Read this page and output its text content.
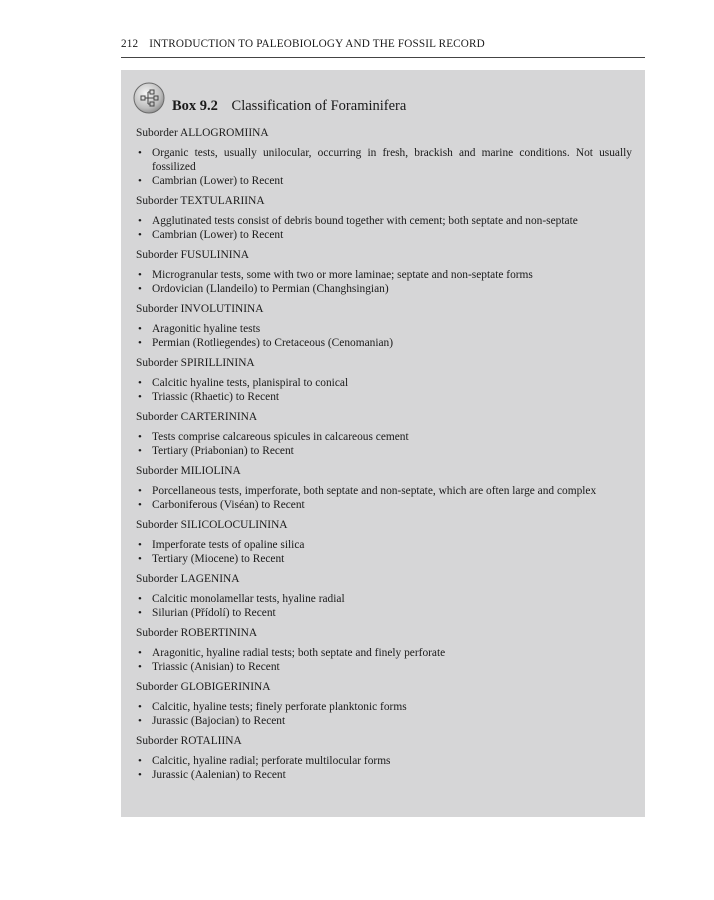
212 INTRODUCTION TO PALEOBIOLOGY AND THE FOSSIL RECORD
Box 9.2 Classification of Foraminifera
Suborder ALLOGROMIINA
• Organic tests, usually unilocular, occurring in fresh, brackish and marine conditions. Not usually fossilized
• Cambrian (Lower) to Recent
Suborder TEXTULARIINA
• Agglutinated tests consist of debris bound together with cement; both septate and non-septate
• Cambrian (Lower) to Recent
Suborder FUSULININA
• Microgranular tests, some with two or more laminae; septate and non-septate forms
• Ordovician (Llandeilo) to Permian (Changhsingian)
Suborder INVOLUTININA
• Aragonitic hyaline tests
• Permian (Rotliegendes) to Cretaceous (Cenomanian)
Suborder SPIRILLININA
• Calcitic hyaline tests, planispiral to conical
• Triassic (Rhaetic) to Recent
Suborder CARTERININA
• Tests comprise calcareous spicules in calcareous cement
• Tertiary (Priabonian) to Recent
Suborder MILIOLINA
• Porcellaneous tests, imperforate, both septate and non-septate, which are often large and complex
• Carboniferous (Viséan) to Recent
Suborder SILICOLOCULININA
• Imperforate tests of opaline silica
• Tertiary (Miocene) to Recent
Suborder LAGENINA
• Calcitic monolamellar tests, hyaline radial
• Silurian (Přídolí) to Recent
Suborder ROBERTININA
• Aragonitic, hyaline radial tests; both septate and finely perforate
• Triassic (Anisian) to Recent
Suborder GLOBIGERININA
• Calcitic, hyaline tests; finely perforate planktonic forms
• Jurassic (Bajocian) to Recent
Suborder ROTALIINA
• Calcitic, hyaline radial; perforate multilocular forms
• Jurassic (Aalenian) to Recent
